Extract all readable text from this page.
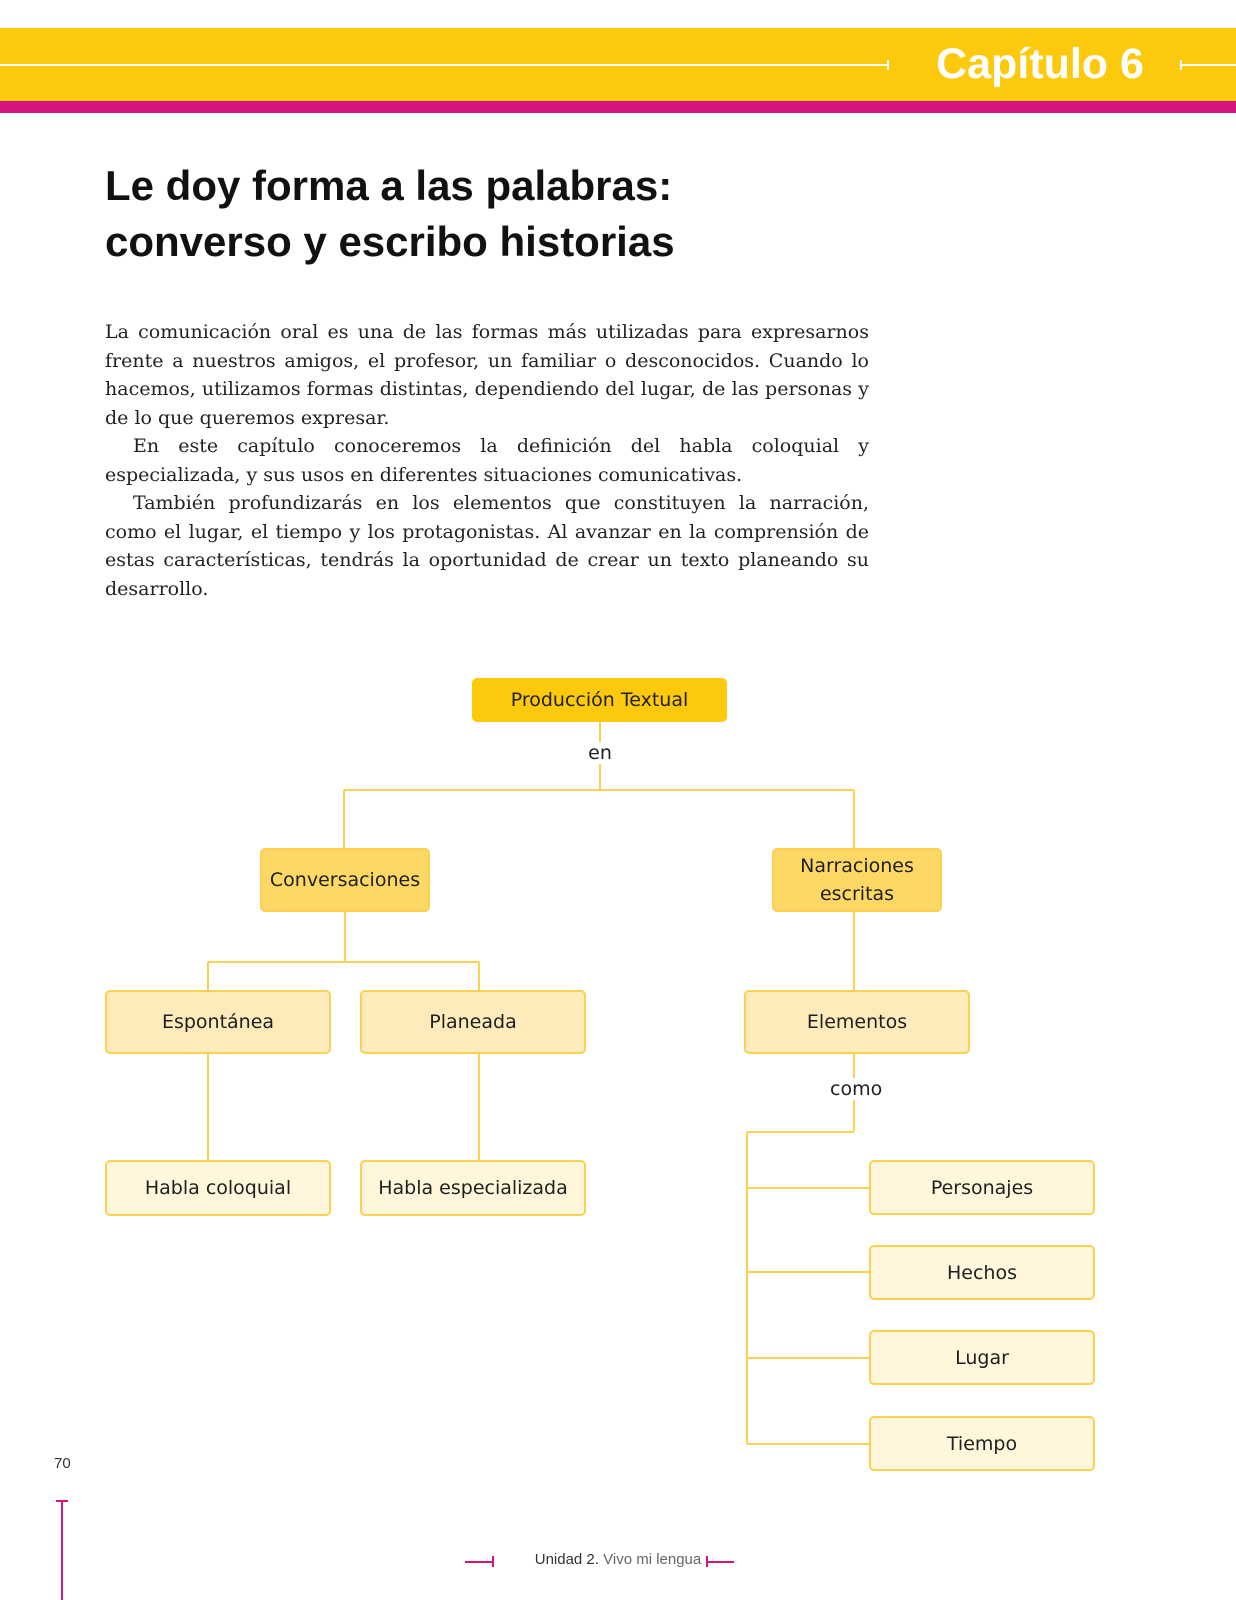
Capítulo 6
Le doy forma a las palabras:
converso y escribo historias

La comunicación oral es una de las formas más utilizadas para expresarnos frente a nuestros amigos, el profesor, un familiar o desconocidos. Cuando lo hacemos, utilizamos formas distintas, dependiendo del lugar, de las personas y de lo que queremos expresar.

En este capítulo conoceremos la definición del habla coloquial y especializada, y sus usos en diferentes situaciones comunicativas.

También profundizarás en los elementos que constituyen la narración, como el lugar, el tiempo y los protagonistas. Al avanzar en la comprensión de estas características, tendrás la oportunidad de crear un texto planeando su desarrollo.

Producción Textual
en
Conversaciones
Narraciones
escritas
Espontánea	Planeada	Elementos
como
Habla coloquial	Habla especializada	Personajes
Hechos
Lugar
Tiempo
70
Unidad 2. Vivo mi lengua
